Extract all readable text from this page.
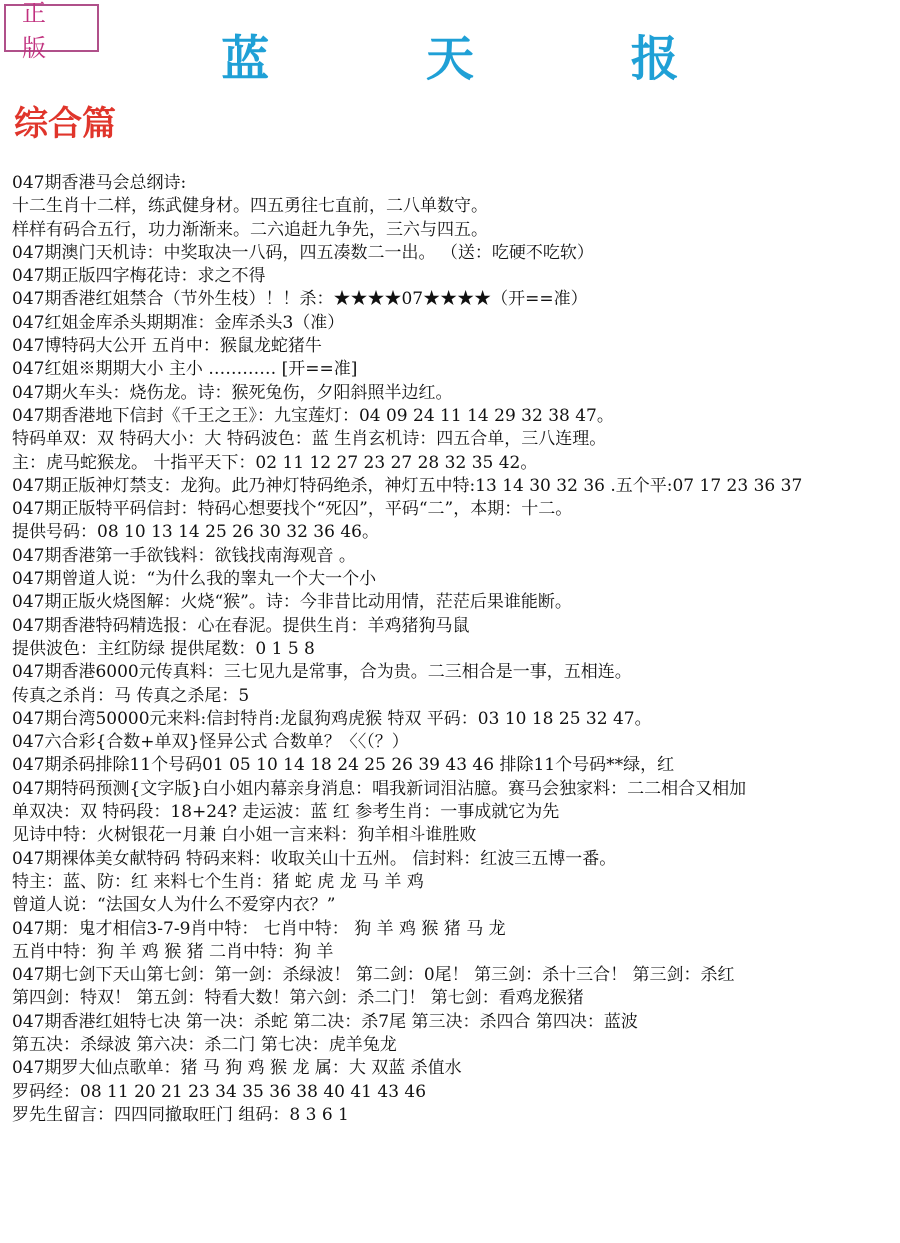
正 版	蓝 天 报
综合篇
047期香港马会总纲诗:
十二生肖十二样，练武健身材。四五勇往七直前，二八单数守。
样样有码合五行，功力渐渐来。二六追赶九争先，三六与四五。
047期澳门天机诗：中奖取决一八码，四五凑数二一出。 （送：吃硬不吃软）
047期正版四字梅花诗：求之不得
047期香港红姐禁合（节外生枝）！！杀：★★★★07★★★★（开==准）
047红姐金库杀头期期准：金库杀头3（准）
047博特码大公开 五肖中：猴鼠龙蛇猪牛
047红姐※期期大小 主小 ………… [开==准]
047期火车头：烧伤龙。诗：猴死兔伤，夕阳斜照半边红。
047期香港地下信封《千王之王》：九宝莲灯：04 09 24 11 14 29 32 38 47。
特码单双：双 特码大小：大 特码波色：蓝 生肖玄机诗：四五合单，三八连理。
主：虎马蛇猴龙。 十指平天下：02 11 12 27 23 27 28 32 35 42。
047期正版神灯禁支：龙狗。此乃神灯特码绝杀，神灯五中特:13 14 30 32 36 .五个平:07 17 23 36 37
047期正版特平码信封：特码心想要找个“死囚”，平码“二”，本期：十二。
提供号码：08 10 13 14 25 26 30 32 36 46。
047期香港第一手欲钱料：欲钱找南海观音 。
047期曾道人说：“为什么我的睾丸一个大一个小
047期正版火烧图解：火烧“猴”。诗：今非昔比动用情，茫茫后果谁能断。
047期香港特码精选报：心在春泥。提供生肖：羊鸡猪狗马鼠
提供波色：主红防绿 提供尾数：0 1 5 8
047期香港6000元传真料：三七见九是常事，合为贵。二三相合是一事，五相连。
传真之杀肖：马 传真之杀尾：5
047期台湾50000元来料:信封特肖:龙鼠狗鸡虎猴 特双 平码：03 10 18 25 32 47。
047六合彩{合数+单双}怪异公式 合数单？〈〈（？）
047期杀码排除11个号码01 05 10 14 18 24 25 26 39 43 46 排除11个号码**绿，红
047期特码预测{文字版}白小姐内幕亲身消息：唱我新词泪沾臆。赛马会独家料：二二相合又相加
单双决：双 特码段：18+24? 走运波：蓝 红 参考生肖：一事成就它为先
见诗中特：火树银花一月兼 白小姐一言来料：狗羊相斗谁胜败
047期裸体美女献特码 特码来料：收取关山十五州。 信封料：红波三五博一番。
特主：蓝、防：红 来料七个生肖：猪 蛇 虎 龙 马 羊 鸡
曾道人说：“法国女人为什么不爱穿内衣？”
047期：鬼才相信3-7-9肖中特： 七肖中特： 狗 羊 鸡 猴 猪 马 龙
五肖中特：狗 羊 鸡 猴 猪 二肖中特：狗 羊
047期七剑下天山第七剑：第一剑：杀绿波！ 第二剑：0尾！ 第三剑：杀十三合！ 第三剑：杀红
第四剑：特双！ 第五剑：特看大数！第六剑：杀二门！ 第七剑：看鸡龙猴猪
047期香港红姐特七决 第一决：杀蛇 第二决：杀7尾 第三决：杀四合 第四决：蓝波
第五决：杀绿波 第六决：杀二门 第七决：虎羊兔龙
047期罗大仙点歌单：猪 马 狗 鸡 猴 龙 属：大 双蓝 杀值水
罗码经：08 11 20 21 23 34 35 36 38 40 41 43 46
罗先生留言：四四同撤取旺门 组码：8 3 6 1
